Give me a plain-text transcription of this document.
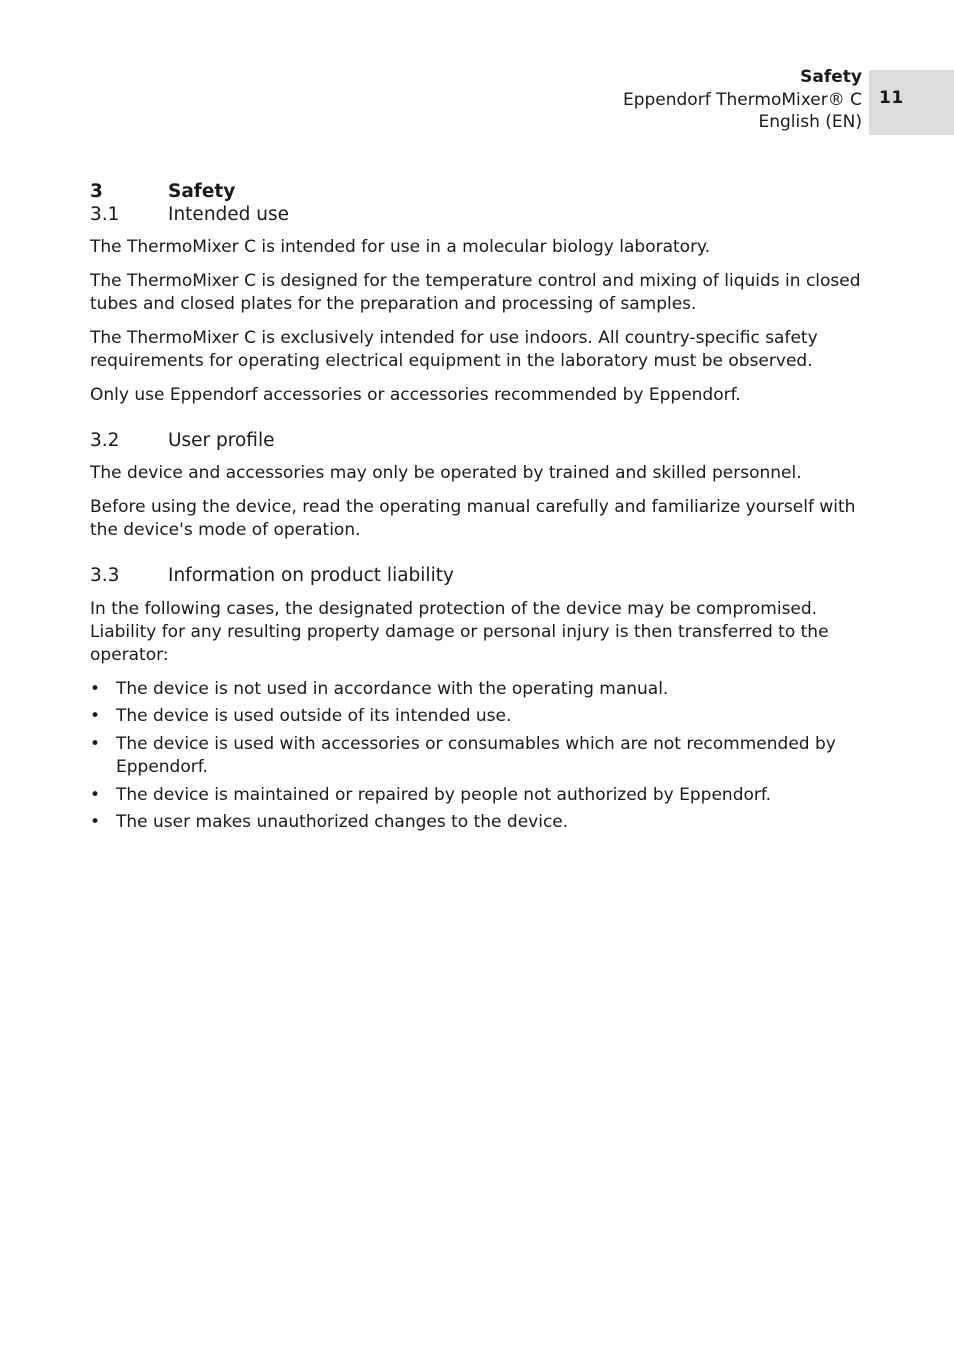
Safety
Eppendorf ThermoMixer® C
English (EN)
11
3	Safety
3.1	Intended use

The ThermoMixer C is intended for use in a molecular biology laboratory.

The ThermoMixer C is designed for the temperature control and mixing of liquids in closed tubes and closed plates for the preparation and processing of samples.

The ThermoMixer C is exclusively intended for use indoors. All country-specific safety requirements for operating electrical equipment in the laboratory must be observed.

Only use Eppendorf accessories or accessories recommended by Eppendorf.

3.2	User profile

The device and accessories may only be operated by trained and skilled personnel.

Before using the device, read the operating manual carefully and familiarize yourself with the device's mode of operation.

3.3	Information on product liability

In the following cases, the designated protection of the device may be compromised. Liability for any resulting property damage or personal injury is then transferred to the operator:

• The device is not used in accordance with the operating manual.
• The device is used outside of its intended use.
• The device is used with accessories or consumables which are not recommended by Eppendorf.
• The device is maintained or repaired by people not authorized by Eppendorf.
• The user makes unauthorized changes to the device.
